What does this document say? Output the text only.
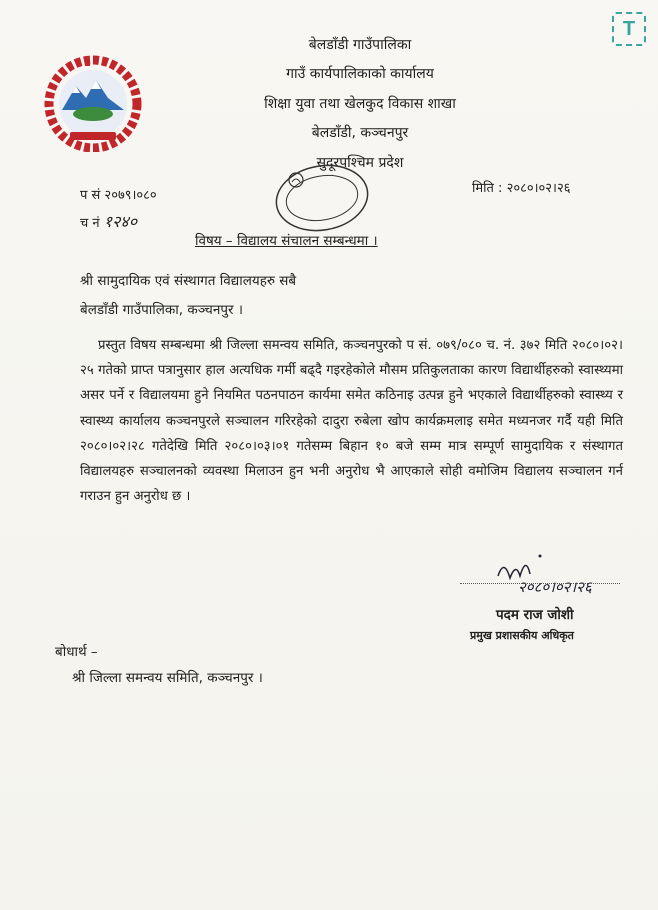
T
बेलडाँडी गाउँपालिका
गाउँ कार्यपालिकाको कार्यालय
शिक्षा युवा तथा खेलकुद विकास शाखा
बेलडाँडी, कञ्चनपुर
सुदूरपश्चिम प्रदेश
प सं २०७९।०८०
च नं १२४०
मिति : २०८०।०२।२६
विषय – विद्यालय संचालन सम्बन्धमा ।
श्री सामुदायिक एवं संस्थागत विद्यालयहरु सबै
बेलडाँडी गाउँपालिका, कञ्चनपुर ।
प्रस्तुत विषय सम्बन्धमा श्री जिल्ला समन्वय समिति, कञ्चनपुरको प सं. ०७९/०८० च. नं. ३७२ मिति २०८०।०२।२५ गतेको प्राप्त पत्रानुसार हाल अत्यधिक गर्मी बढ्दै गइरहेकोले मौसम प्रतिकुलताका कारण विद्यार्थीहरुको स्वास्थ्यमा असर पर्ने र विद्यालयमा हुने नियमित पठनपाठन कार्यमा समेत कठिनाइ उत्पन्न हुने भएकाले विद्यार्थीहरुको स्वास्थ्य र स्वास्थ्य कार्यालय कञ्चनपुरले सञ्चालन गरिरहेको दादुरा रुबेला खोप कार्यक्रमलाइ समेत मध्यनजर गर्दै यही मिति २०८०।०२।२८ गतेदेखि मिति २०८०।०३।०१ गतेसम्म बिहान १० बजे सम्म मात्र सम्पूर्ण सामुदायिक र संस्थागत विद्यालयहरु सञ्चालनको व्यवस्था मिलाउन हुन भनी अनुरोध भै आएकाले सोही वमोजिम विद्यालय सञ्चालन गर्न गराउन हुन अनुरोध छ ।
२०८०।०२।२६
पदम राज जोशी
प्रमुख प्रशासकीय अधिकृत
बोधार्थ –
श्री जिल्ला समन्वय समिति, कञ्चनपुर ।
